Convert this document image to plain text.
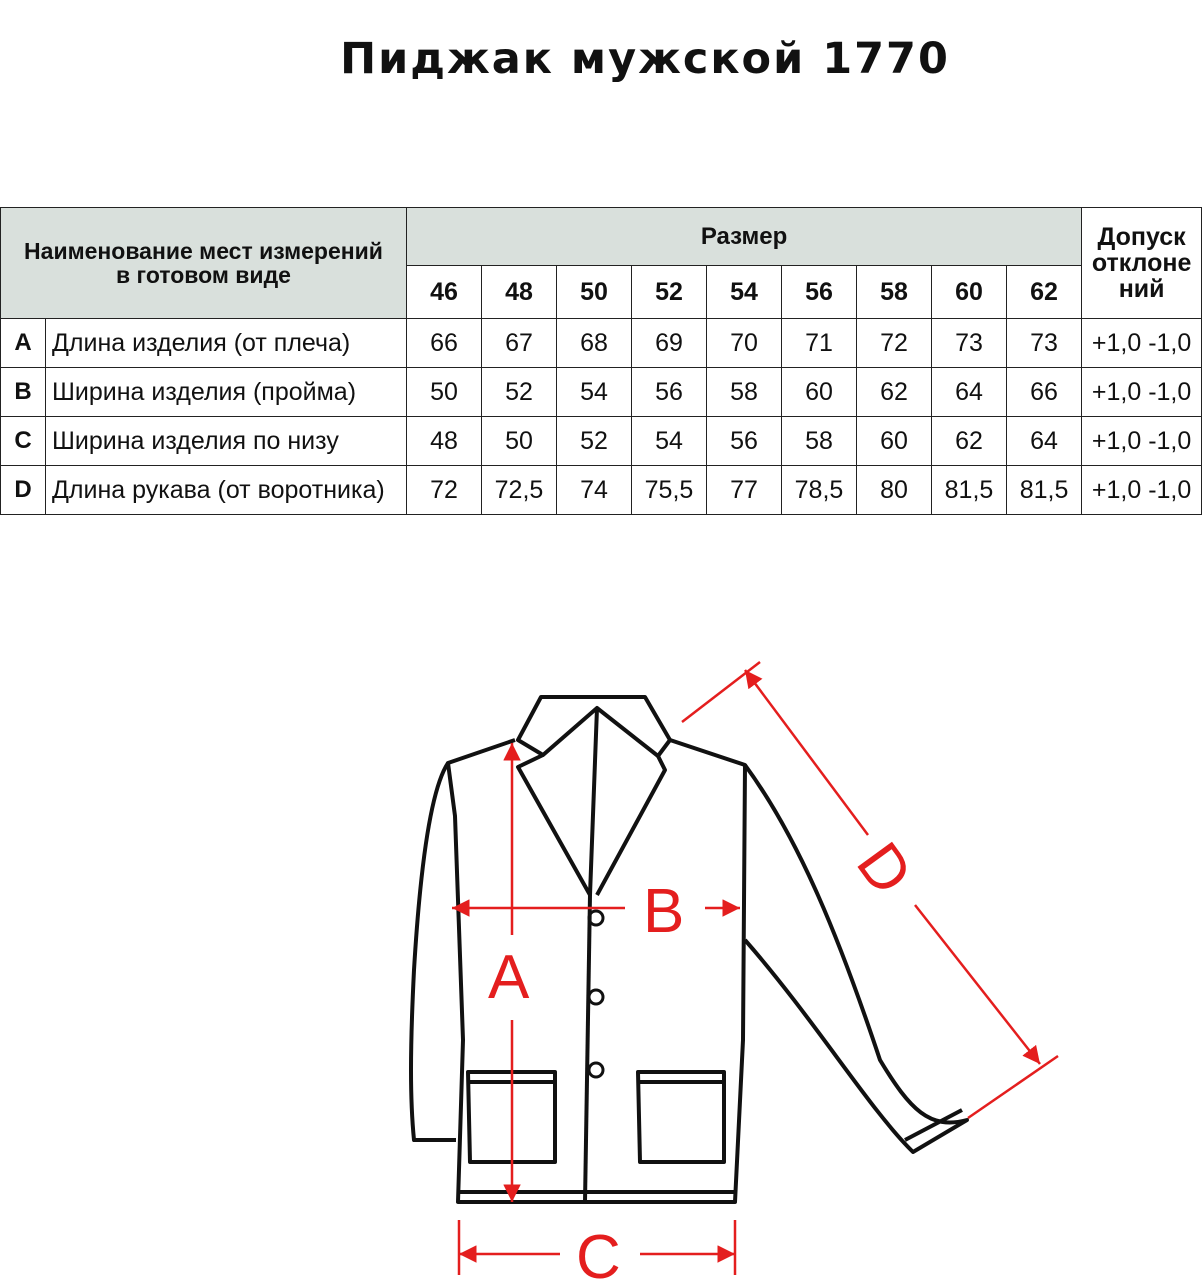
Пиджак мужской 1770
Наименование мест измерений
в готовом виде		Размер									Допуск
отклоне
ний

		46	48	50	52	54	56	58	60	62	
A	Длина изделия (от плеча)	66	67	68	69	70	71	72	73	73	+1,0 -1,0
B	Ширина изделия (пройма)	50	52	54	56	58	60	62	64	66	+1,0 -1,0
C	Ширина изделия по низу	48	50	52	54	56	58	60	62	64	+1,0 -1,0
D	Длина рукава (от воротника)	72	72,5	74	75,5	77	78,5	80	81,5	81,5	+1,0 -1,0
A
B
C
D
